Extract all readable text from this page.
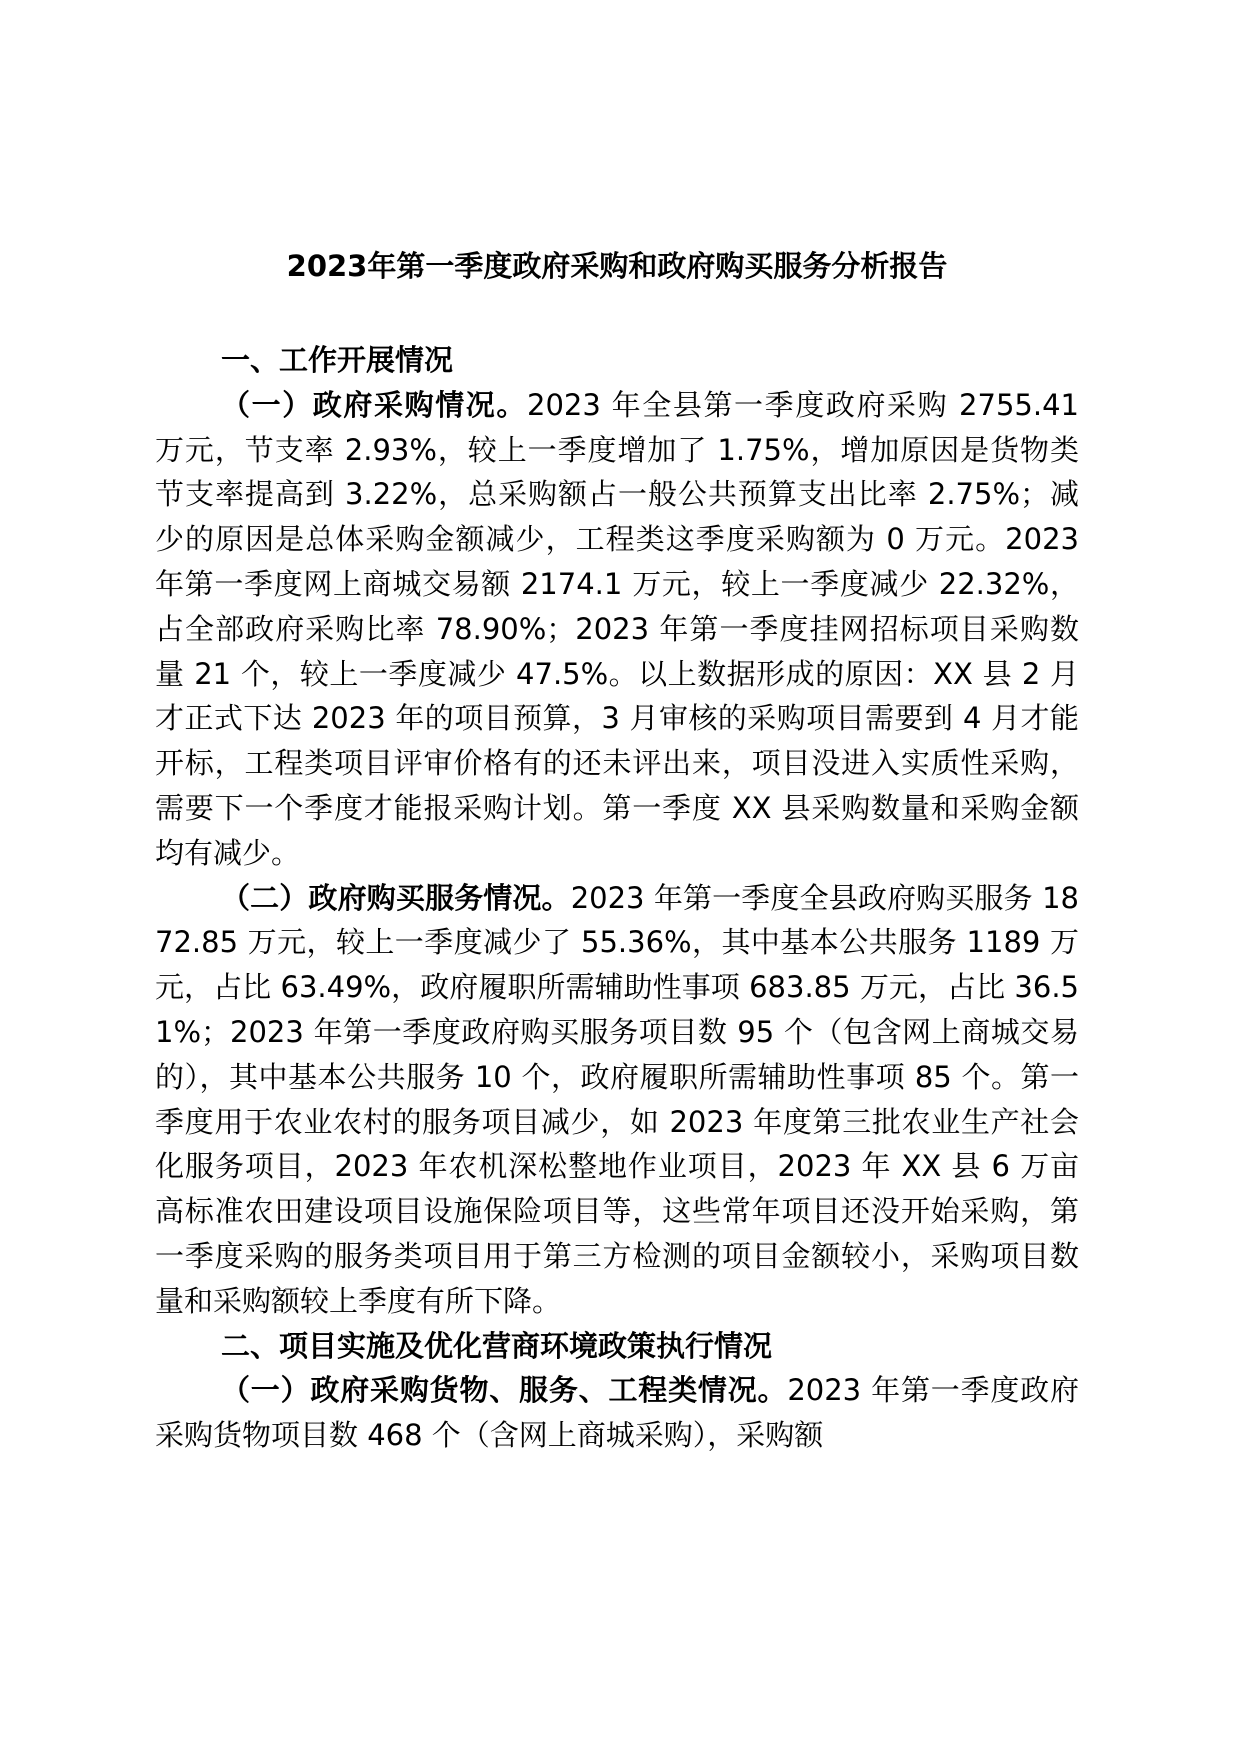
2023年第一季度政府采购和政府购买服务分析报告

一、工作开展情况

（一）政府采购情况。2023 年全县第一季度政府采购 2755.41 万元，节支率 2.93%，较上一季度增加了 1.75%，增加原因是货物类节支率提高到 3.22%，总采购额占一般公共预算支出比率 2.75%；减少的原因是总体采购金额减少，工程类这季度采购额为 0 万元。2023 年第一季度网上商城交易额 2174.1 万元，较上一季度减少 22.32%，占全部政府采购比率 78.90%；2023 年第一季度挂网招标项目采购数量 21 个，较上一季度减少 47.5%。以上数据形成的原因：XX 县 2 月才正式下达 2023 年的项目预算，3 月审核的采购项目需要到 4 月才能开标，工程类项目评审价格有的还未评出来，项目没进入实质性采购，需要下一个季度才能报采购计划。第一季度 XX 县采购数量和采购金额均有减少。

（二）政府购买服务情况。2023 年第一季度全县政府购买服务 1872.85 万元，较上一季度减少了 55.36%，其中基本公共服务 1189 万元，占比 63.49%，政府履职所需辅助性事项 683.85 万元，占比 36.51%；2023 年第一季度政府购买服务项目数 95 个（包含网上商城交易的），其中基本公共服务 10 个，政府履职所需辅助性事项 85 个。第一季度用于农业农村的服务项目减少，如 2023 年度第三批农业生产社会化服务项目，2023 年农机深松整地作业项目，2023 年 XX 县 6 万亩高标准农田建设项目设施保险项目等，这些常年项目还没开始采购，第一季度采购的服务类项目用于第三方检测的项目金额较小，采购项目数量和采购额较上季度有所下降。

二、项目实施及优化营商环境政策执行情况

（一）政府采购货物、服务、工程类情况。2023 年第一季度政府采购货物项目数 468 个（含网上商城采购），采购额
